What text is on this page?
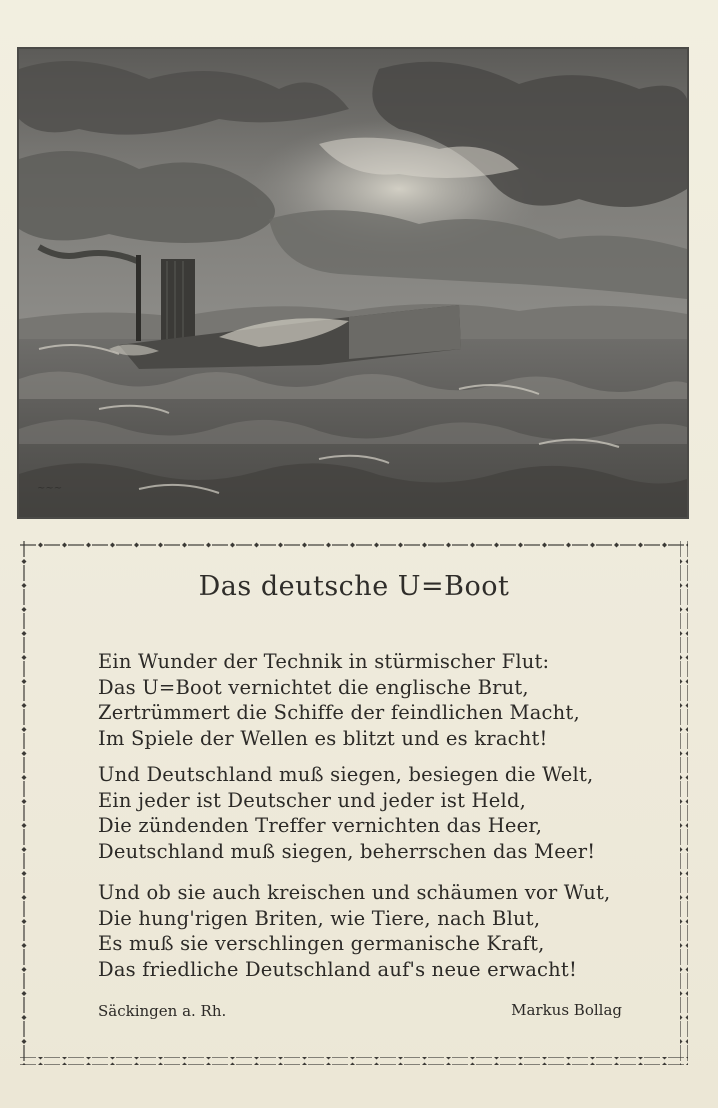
~~~
Das deutsche U=Boot
Ein Wunder der Technik in stürmischer Flut:
Das U=Boot vernichtet die englische Brut,
Zertrümmert die Schiffe der feindlichen Macht,
Im Spiele der Wellen es blitzt und es kracht!
Und Deutschland muß siegen, besiegen die Welt,
Ein jeder ist Deutscher und jeder ist Held,
Die zündenden Treffer vernichten das Heer,
Deutschland muß siegen, beherrschen das Meer!
Und ob sie auch kreischen und schäumen vor Wut,
Die hung'rigen Briten, wie Tiere, nach Blut,
Es muß sie verschlingen germanische Kraft,
Das friedliche Deutschland auf's neue erwacht!
Säckingen a. Rh.	Markus Bollag
